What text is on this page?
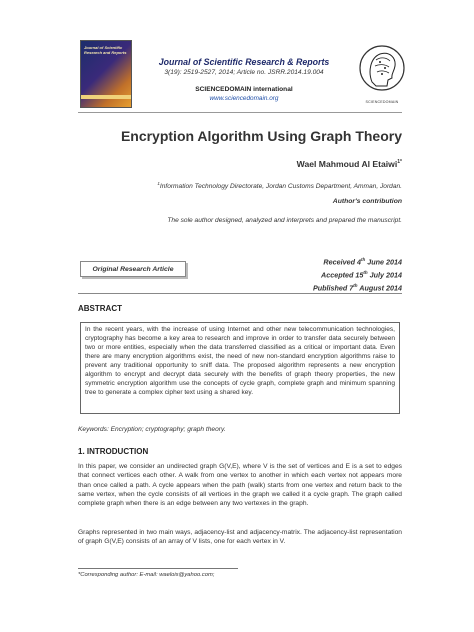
Journal of Scientific Research and Reports
Journal of Scientific Research & Reports
3(19): 2519-2527, 2014; Article no. JSRR.2014.19.004
SCIENCEDOMAIN international
www.sciencedomain.org	SCIENCEDOMAIN
Encryption Algorithm Using Graph Theory
Wael Mahmoud Al Etaiwi$^{1*}$
$^1$Information Technology Directorate, Jordan Customs Department, Amman, Jordan.
Author's contribution
The sole author designed, analyzed and interprets and prepared the manuscript.
Original Research Article
Received 4th June 2014
Accepted 15th July 2014
Published 7th August 2014
ABSTRACT

In the recent years, with the increase of using Internet and other new telecommunication technologies, cryptography has become a key area to research and improve in order to transfer data securely between two or more entities, especially when the data transferred classified as a critical or important data. Even there are many encryption algorithms exist, the need of new non-standard encryption algorithms raise to prevent any traditional opportunity to sniff data. The proposed algorithm represents a new encryption algorithm to encrypt and decrypt data securely with the benefits of graph theory properties, the new symmetric encryption algorithm use the concepts of cycle graph, complete graph and minimum spanning tree to generate a complex cipher text using a shared key.

Keywords: Encryption; cryptography; graph theory.
1. INTRODUCTION

In this paper, we consider an undirected graph G(V,E), where V is the set of vertices and E is a set to edges that connect vertices each other. A walk from one vertex to another in which each vertex not appears more than once called a path. A cycle appears when the path (walk) starts from one vertex and return back to the same vertex, when the cycle consists of all vertices in the graph we called it a cycle graph. The graph called complete graph when there is an edge between any two vertexes in the graph.

Graphs represented in two main ways, adjacency-list and adjacency-matrix. The adjacency-list representation of graph G(V,E) consists of an array of V lists, one for each vertex in V.

*Corresponding author: E-mail: waelois@yahoo.com;
